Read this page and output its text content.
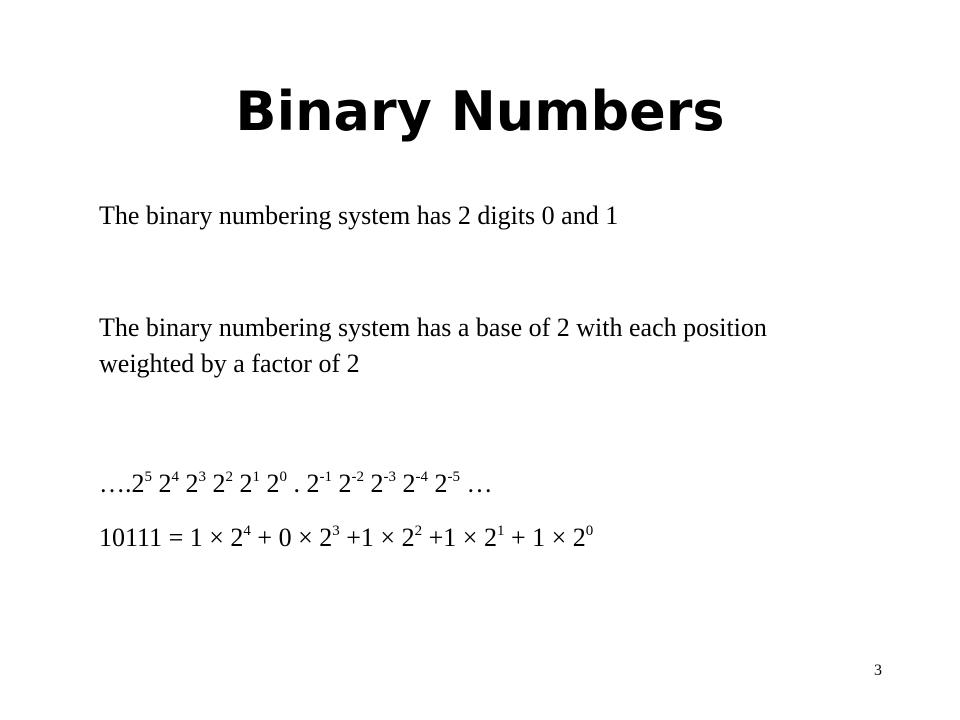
Binary Numbers
The binary numbering system has 2 digits 0 and 1
The binary numbering system has a base of 2 with each position weighted by a factor of 2
$\dots.2^5$ $2^4$ $2^3$ $2^2$ $2^1$ $2^0$ . $2^{-1}$ $2^{-2}$ $2^{-3}$ $2^{-4}$ $2^{-5}$ …
$10111 = 1 \times 2^4 + 0 \times 2^3 +1 \times 2^2 +1 \times 2^1 + 1 \times 2^0$
3
